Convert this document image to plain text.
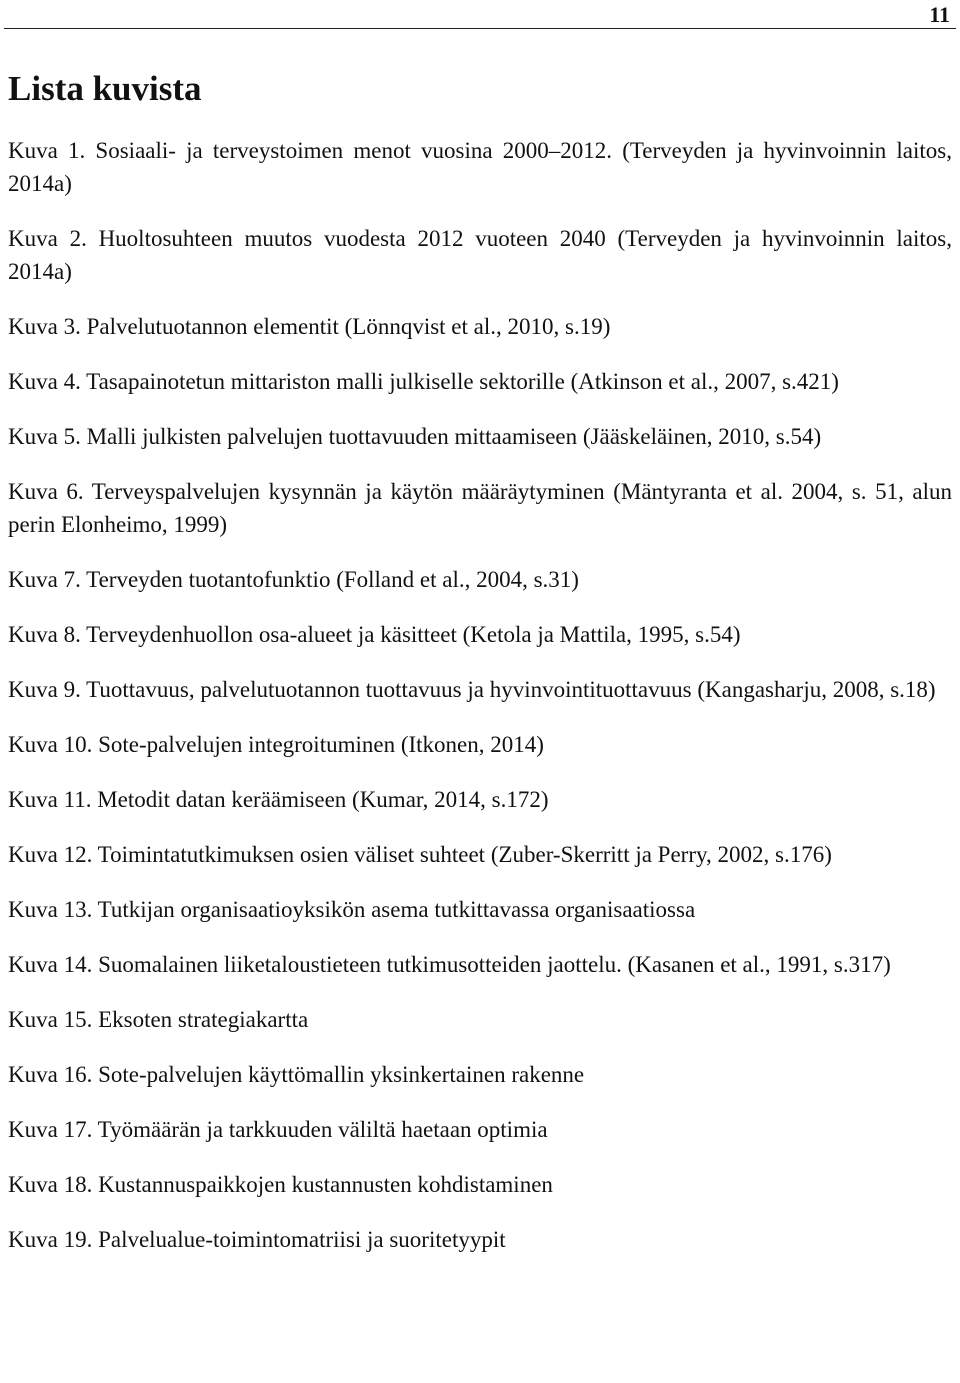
11
Lista kuvista
Kuva 1. Sosiaali- ja terveystoimen menot vuosina 2000–2012. (Terveyden ja hyvinvoinnin laitos, 2014a)
Kuva 2. Huoltosuhteen muutos vuodesta 2012 vuoteen 2040 (Terveyden ja hyvinvoinnin laitos, 2014a)
Kuva 3. Palvelutuotannon elementit (Lönnqvist et al., 2010, s.19)
Kuva 4. Tasapainotetun mittariston malli julkiselle sektorille (Atkinson et al., 2007, s.421)
Kuva 5. Malli julkisten palvelujen tuottavuuden mittaamiseen (Jääskeläinen, 2010, s.54)
Kuva 6. Terveyspalvelujen kysynnän ja käytön määräytyminen (Mäntyranta et al. 2004, s. 51, alun perin Elonheimo, 1999)
Kuva 7. Terveyden tuotantofunktio (Folland et al., 2004, s.31)
Kuva 8. Terveydenhuollon osa-alueet ja käsitteet (Ketola ja Mattila, 1995, s.54)
Kuva 9. Tuottavuus, palvelutuotannon tuottavuus ja hyvinvointituottavuus (Kangasharju, 2008, s.18)
Kuva 10. Sote-palvelujen integroituminen (Itkonen, 2014)
Kuva 11. Metodit datan keräämiseen (Kumar, 2014, s.172)
Kuva 12. Toimintatutkimuksen osien väliset suhteet (Zuber-Skerritt ja Perry, 2002, s.176)
Kuva 13. Tutkijan organisaatioyksikön asema tutkittavassa organisaatiossa
Kuva 14. Suomalainen liiketaloustieteen tutkimusotteiden jaottelu. (Kasanen et al., 1991, s.317)
Kuva 15. Eksoten strategiakartta
Kuva 16. Sote-palvelujen käyttömallin yksinkertainen rakenne
Kuva 17. Työmäärän ja tarkkuuden väliltä haetaan optimia
Kuva 18. Kustannuspaikkojen kustannusten kohdistaminen
Kuva 19. Palvelualue-toimintomatriisi ja suoritetyypit
